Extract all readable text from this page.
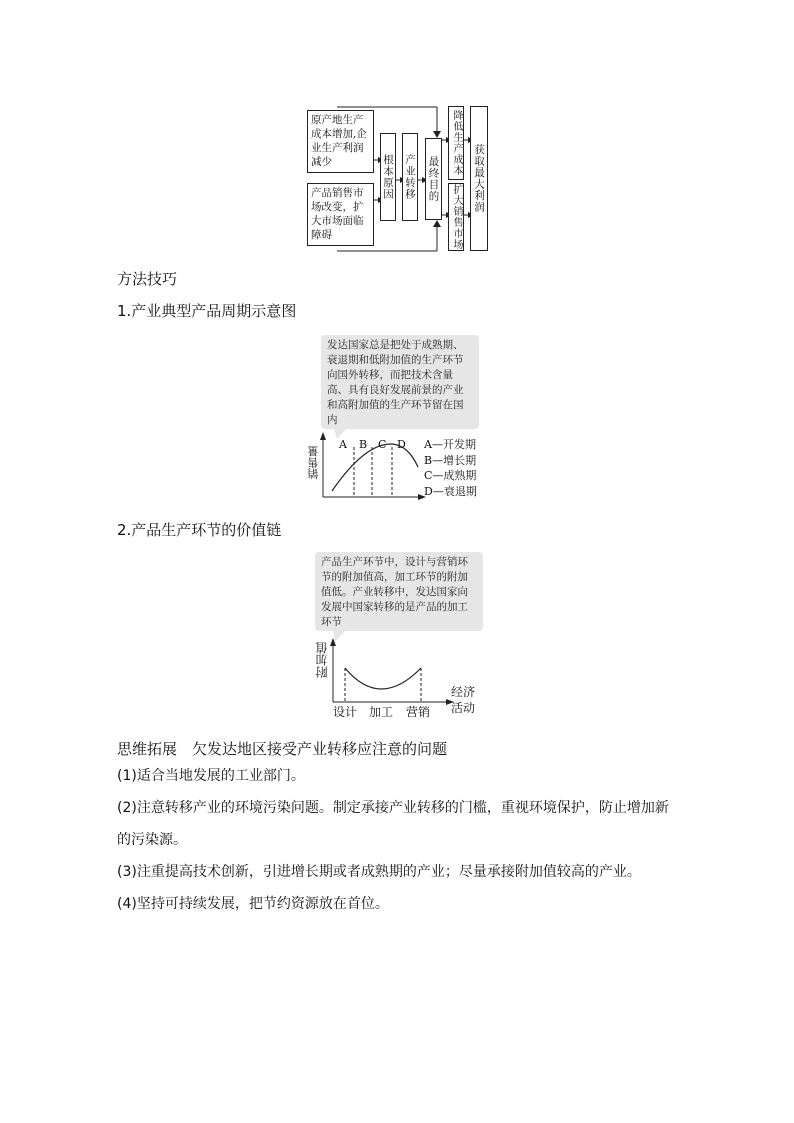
原产地生产成本增加,企业生产利润减少
产品销售市场改变，扩大市场面临障碍
根本原因 产业转移 最终目的
降低生产成本
扩大销售市场
获取最大利润
方法技巧
1.产业典型产品周期示意图
发达国家总是把处于成熟期、衰退期和低附加值的生产环节向国外转移，而把技术含量高、具有良好发展前景的产业和高附加值的生产环节留在国内
销售量
A B C D A—开发期
B—增长期
C—成熟期
D—衰退期
2.产品生产环节的价值链
产品生产环节中，设计与营销环节的附加值高，加工环节的附加值低。产业转移中，发达国家向发展中国家转移的是产品的加工环节
附加值
设计 加工 营销
经济
活动
思维拓展　欠发达地区接受产业转移应注意的问题
(1)适合当地发展的工业部门。
(2)注意转移产业的环境污染问题。制定承接产业转移的门槛，重视环境保护，防止增加新的污染源。
(3)注重提高技术创新，引进增长期或者成熟期的产业；尽量承接附加值较高的产业。
(4)坚持可持续发展，把节约资源放在首位。
